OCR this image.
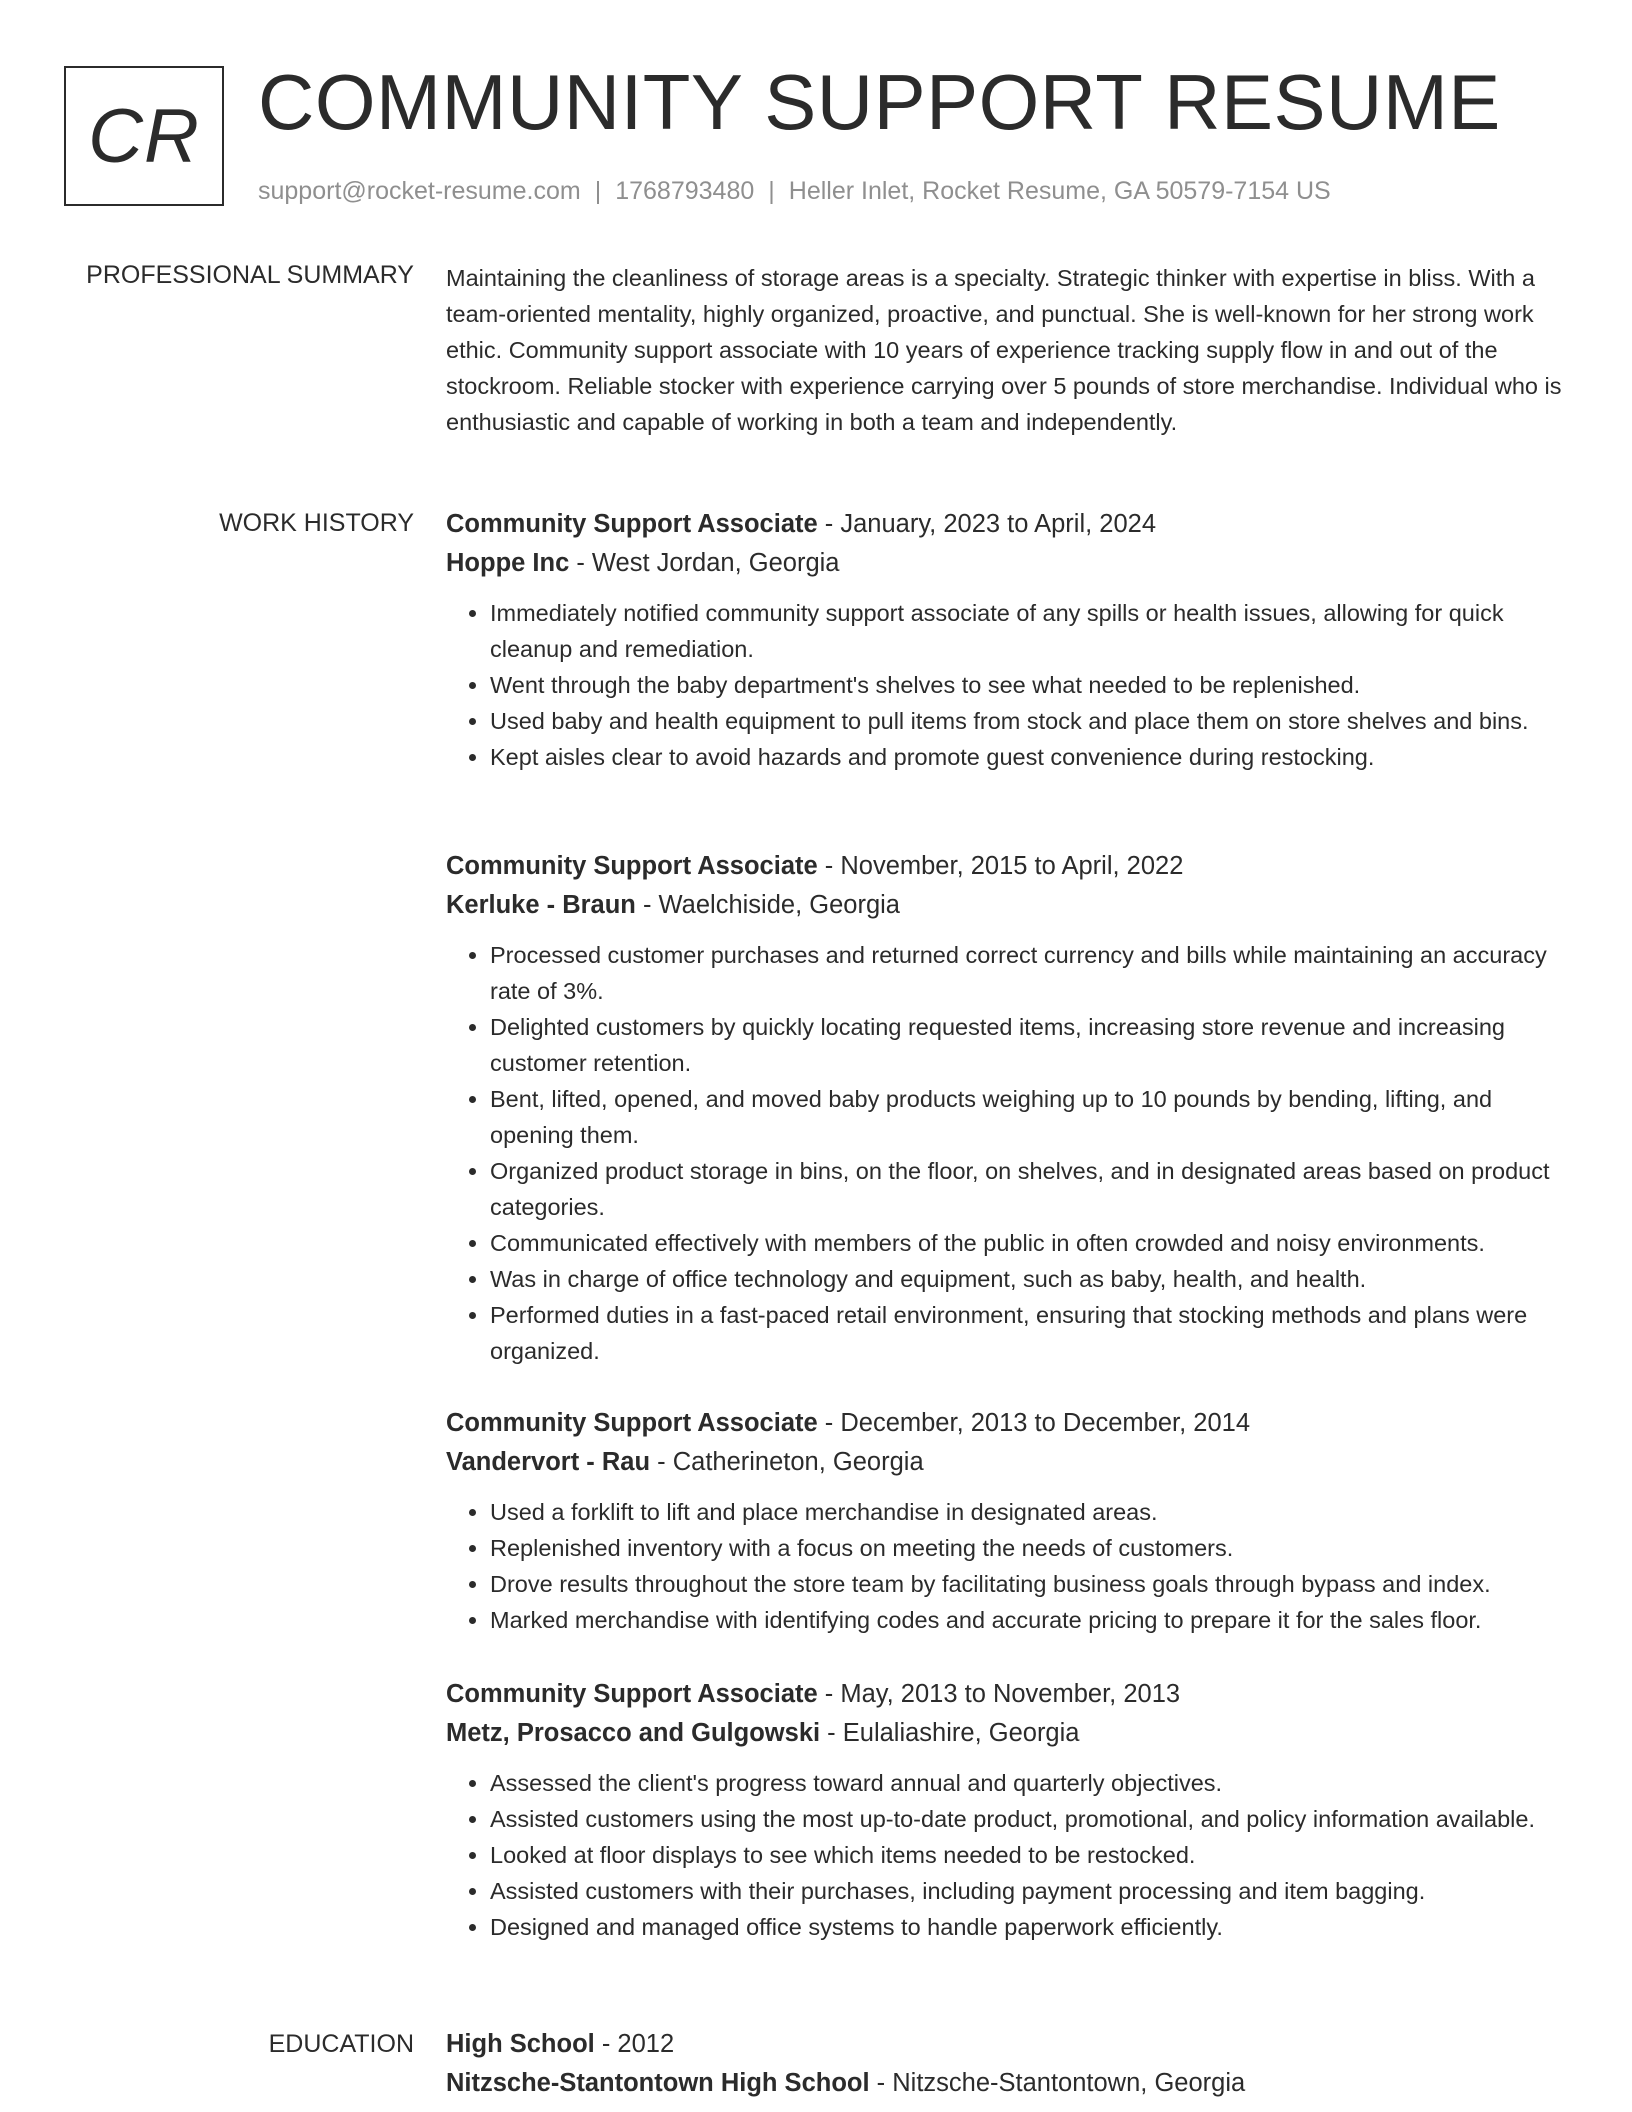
CR COMMUNITY SUPPORT RESUME
support@rocket-resume.com | 1768793480 | Heller Inlet, Rocket Resume, GA 50579-7154 US
PROFESSIONAL SUMMARY Maintaining the cleanliness of storage areas is a specialty. Strategic thinker with expertise in bliss. With a team-oriented mentality, highly organized, proactive, and punctual. She is well-known for her strong work ethic. Community support associate with 10 years of experience tracking supply flow in and out of the stockroom. Reliable stocker with experience carrying over 5 pounds of store merchandise. Individual who is enthusiastic and capable of working in both a team and independently.

WORK HISTORY Community Support Associate - January, 2023 to April, 2024
Hoppe Inc - West Jordan, Georgia
• Immediately notified community support associate of any spills or health issues, allowing for quick cleanup and remediation.
• Went through the baby department's shelves to see what needed to be replenished.
• Used baby and health equipment to pull items from stock and place them on store shelves and bins.
• Kept aisles clear to avoid hazards and promote guest convenience during restocking.
Community Support Associate - November, 2015 to April, 2022
Kerluke - Braun - Waelchiside, Georgia
• Processed customer purchases and returned correct currency and bills while maintaining an accuracy rate of 3%.
• Delighted customers by quickly locating requested items, increasing store revenue and increasing customer retention.
• Bent, lifted, opened, and moved baby products weighing up to 10 pounds by bending, lifting, and opening them.
• Organized product storage in bins, on the floor, on shelves, and in designated areas based on product categories.
• Communicated effectively with members of the public in often crowded and noisy environments.
• Was in charge of office technology and equipment, such as baby, health, and health.
• Performed duties in a fast-paced retail environment, ensuring that stocking methods and plans were organized.
Community Support Associate - December, 2013 to December, 2014
Vandervort - Rau - Catherineton, Georgia
• Used a forklift to lift and place merchandise in designated areas.
• Replenished inventory with a focus on meeting the needs of customers.
• Drove results throughout the store team by facilitating business goals through bypass and index.
• Marked merchandise with identifying codes and accurate pricing to prepare it for the sales floor.
Community Support Associate - May, 2013 to November, 2013
Metz, Prosacco and Gulgowski - Eulaliashire, Georgia
• Assessed the client's progress toward annual and quarterly objectives.
• Assisted customers using the most up-to-date product, promotional, and policy information available.
• Looked at floor displays to see which items needed to be restocked.
• Assisted customers with their purchases, including payment processing and item bagging.
• Designed and managed office systems to handle paperwork efficiently.
EDUCATION High School - 2012
Nitzsche-Stantontown High School - Nitzsche-Stantontown, Georgia
